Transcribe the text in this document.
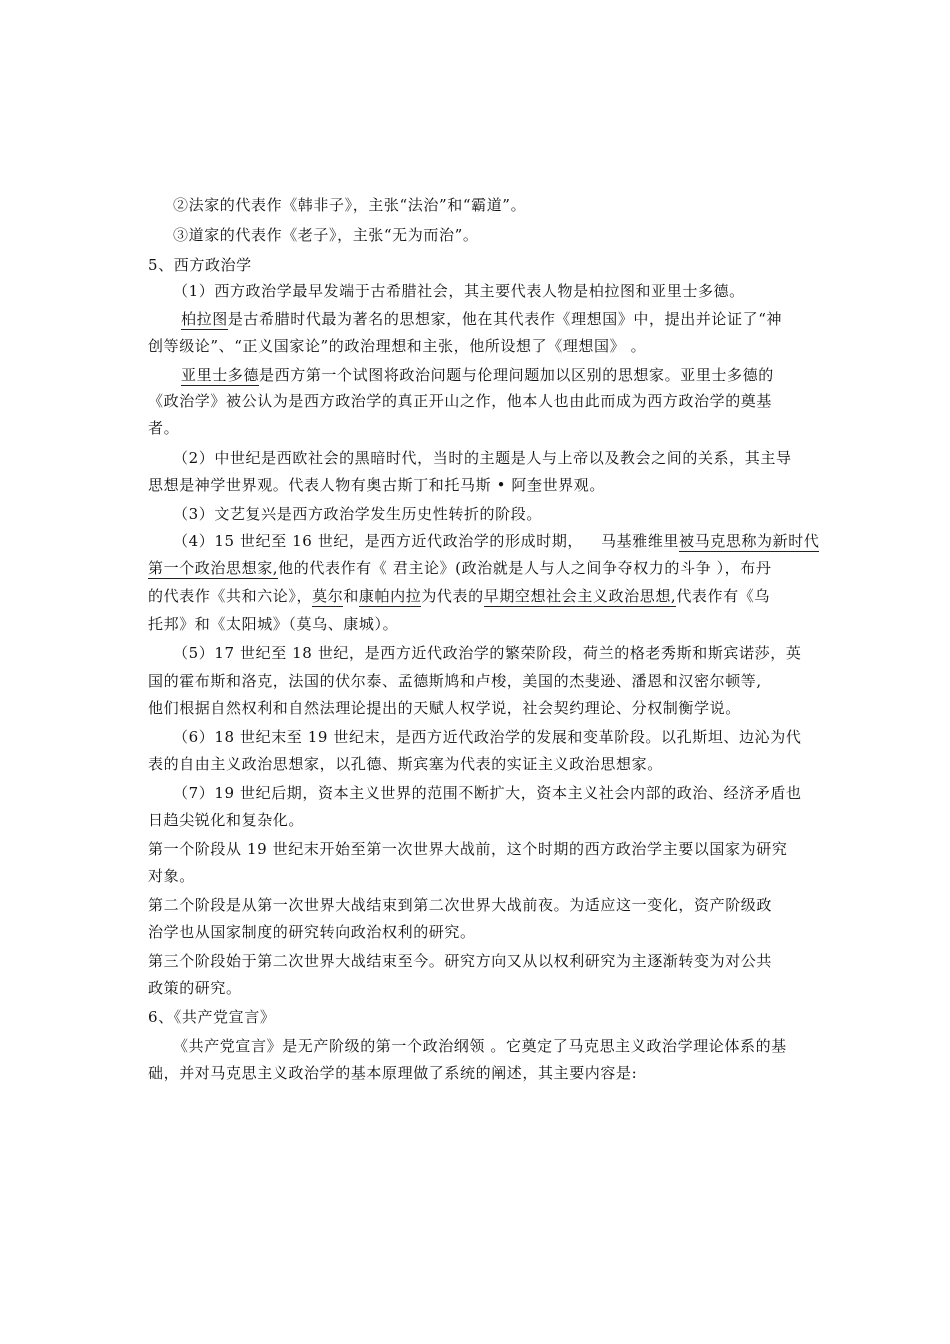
②法家的代表作《韩非子》，主张“法治”和“霸道”。
③道家的代表作《老子》，主张“无为而治”。
5、西方政治学
（1）西方政治学最早发端于古希腊社会，其主要代表人物是柏拉图和亚里士多德。
柏拉图是古希腊时代最为著名的思想家，他在其代表作《理想国》中，提出并论证了“神
创等级论”、“正义国家论”的政治理想和主张，他所设想了《理想国》 。
亚里士多德是西方第一个试图将政治问题与伦理问题加以区别的思想家。亚里士多德的
《政治学》被公认为是西方政治学的真正开山之作，他本人也由此而成为西方政治学的奠基
者。
（2）中世纪是西欧社会的黑暗时代，当时的主题是人与上帝以及教会之间的关系，其主导
思想是神学世界观。代表人物有奥古斯丁和托马斯 • 阿奎世界观。
（3）文艺复兴是西方政治学发生历史性转折的阶段。
（4）15 世纪至 16 世纪，是西方近代政治学的形成时期， 马基雅维里被马克思称为新时代
第一个政治思想家,他的代表作有《 君主论》(政治就是人与人之间争夺权力的斗争 ），布丹
的代表作《共和六论》，莫尔和康帕内拉为代表的早期空想社会主义政治思想,代表作有《乌
托邦》和《太阳城》（莫乌、康城）。
（5）17 世纪至 18 世纪，是西方近代政治学的繁荣阶段，荷兰的格老秀斯和斯宾诺莎，英
国的霍布斯和洛克，法国的伏尔泰、孟德斯鸠和卢梭，美国的杰斐逊、潘恩和汉密尔顿等,
他们根据自然权利和自然法理论提出的天赋人权学说，社会契约理论、分权制衡学说。
（6）18 世纪末至 19 世纪末，是西方近代政治学的发展和变革阶段。以孔斯坦、边沁为代
表的自由主义政治思想家，以孔德、斯宾塞为代表的实证主义政治思想家。
（7）19 世纪后期，资本主义世界的范围不断扩大，资本主义社会内部的政治、经济矛盾也
日趋尖锐化和复杂化。
第一个阶段从 19 世纪末开始至第一次世界大战前，这个时期的西方政治学主要以国家为研究
对象。
第二个阶段是从第一次世界大战结束到第二次世界大战前夜。为适应这一变化，资产阶级政
治学也从国家制度的研究转向政治权利的研究。
第三个阶段始于第二次世界大战结束至今。研究方向又从以权利研究为主逐渐转变为对公共
政策的研究。
6、《共产党宣言》
《共产党宣言》是无产阶级的第一个政治纲领 。它奠定了马克思主义政治学理论体系的基
础，并对马克思主义政治学的基本原理做了系统的阐述，其主要内容是:
